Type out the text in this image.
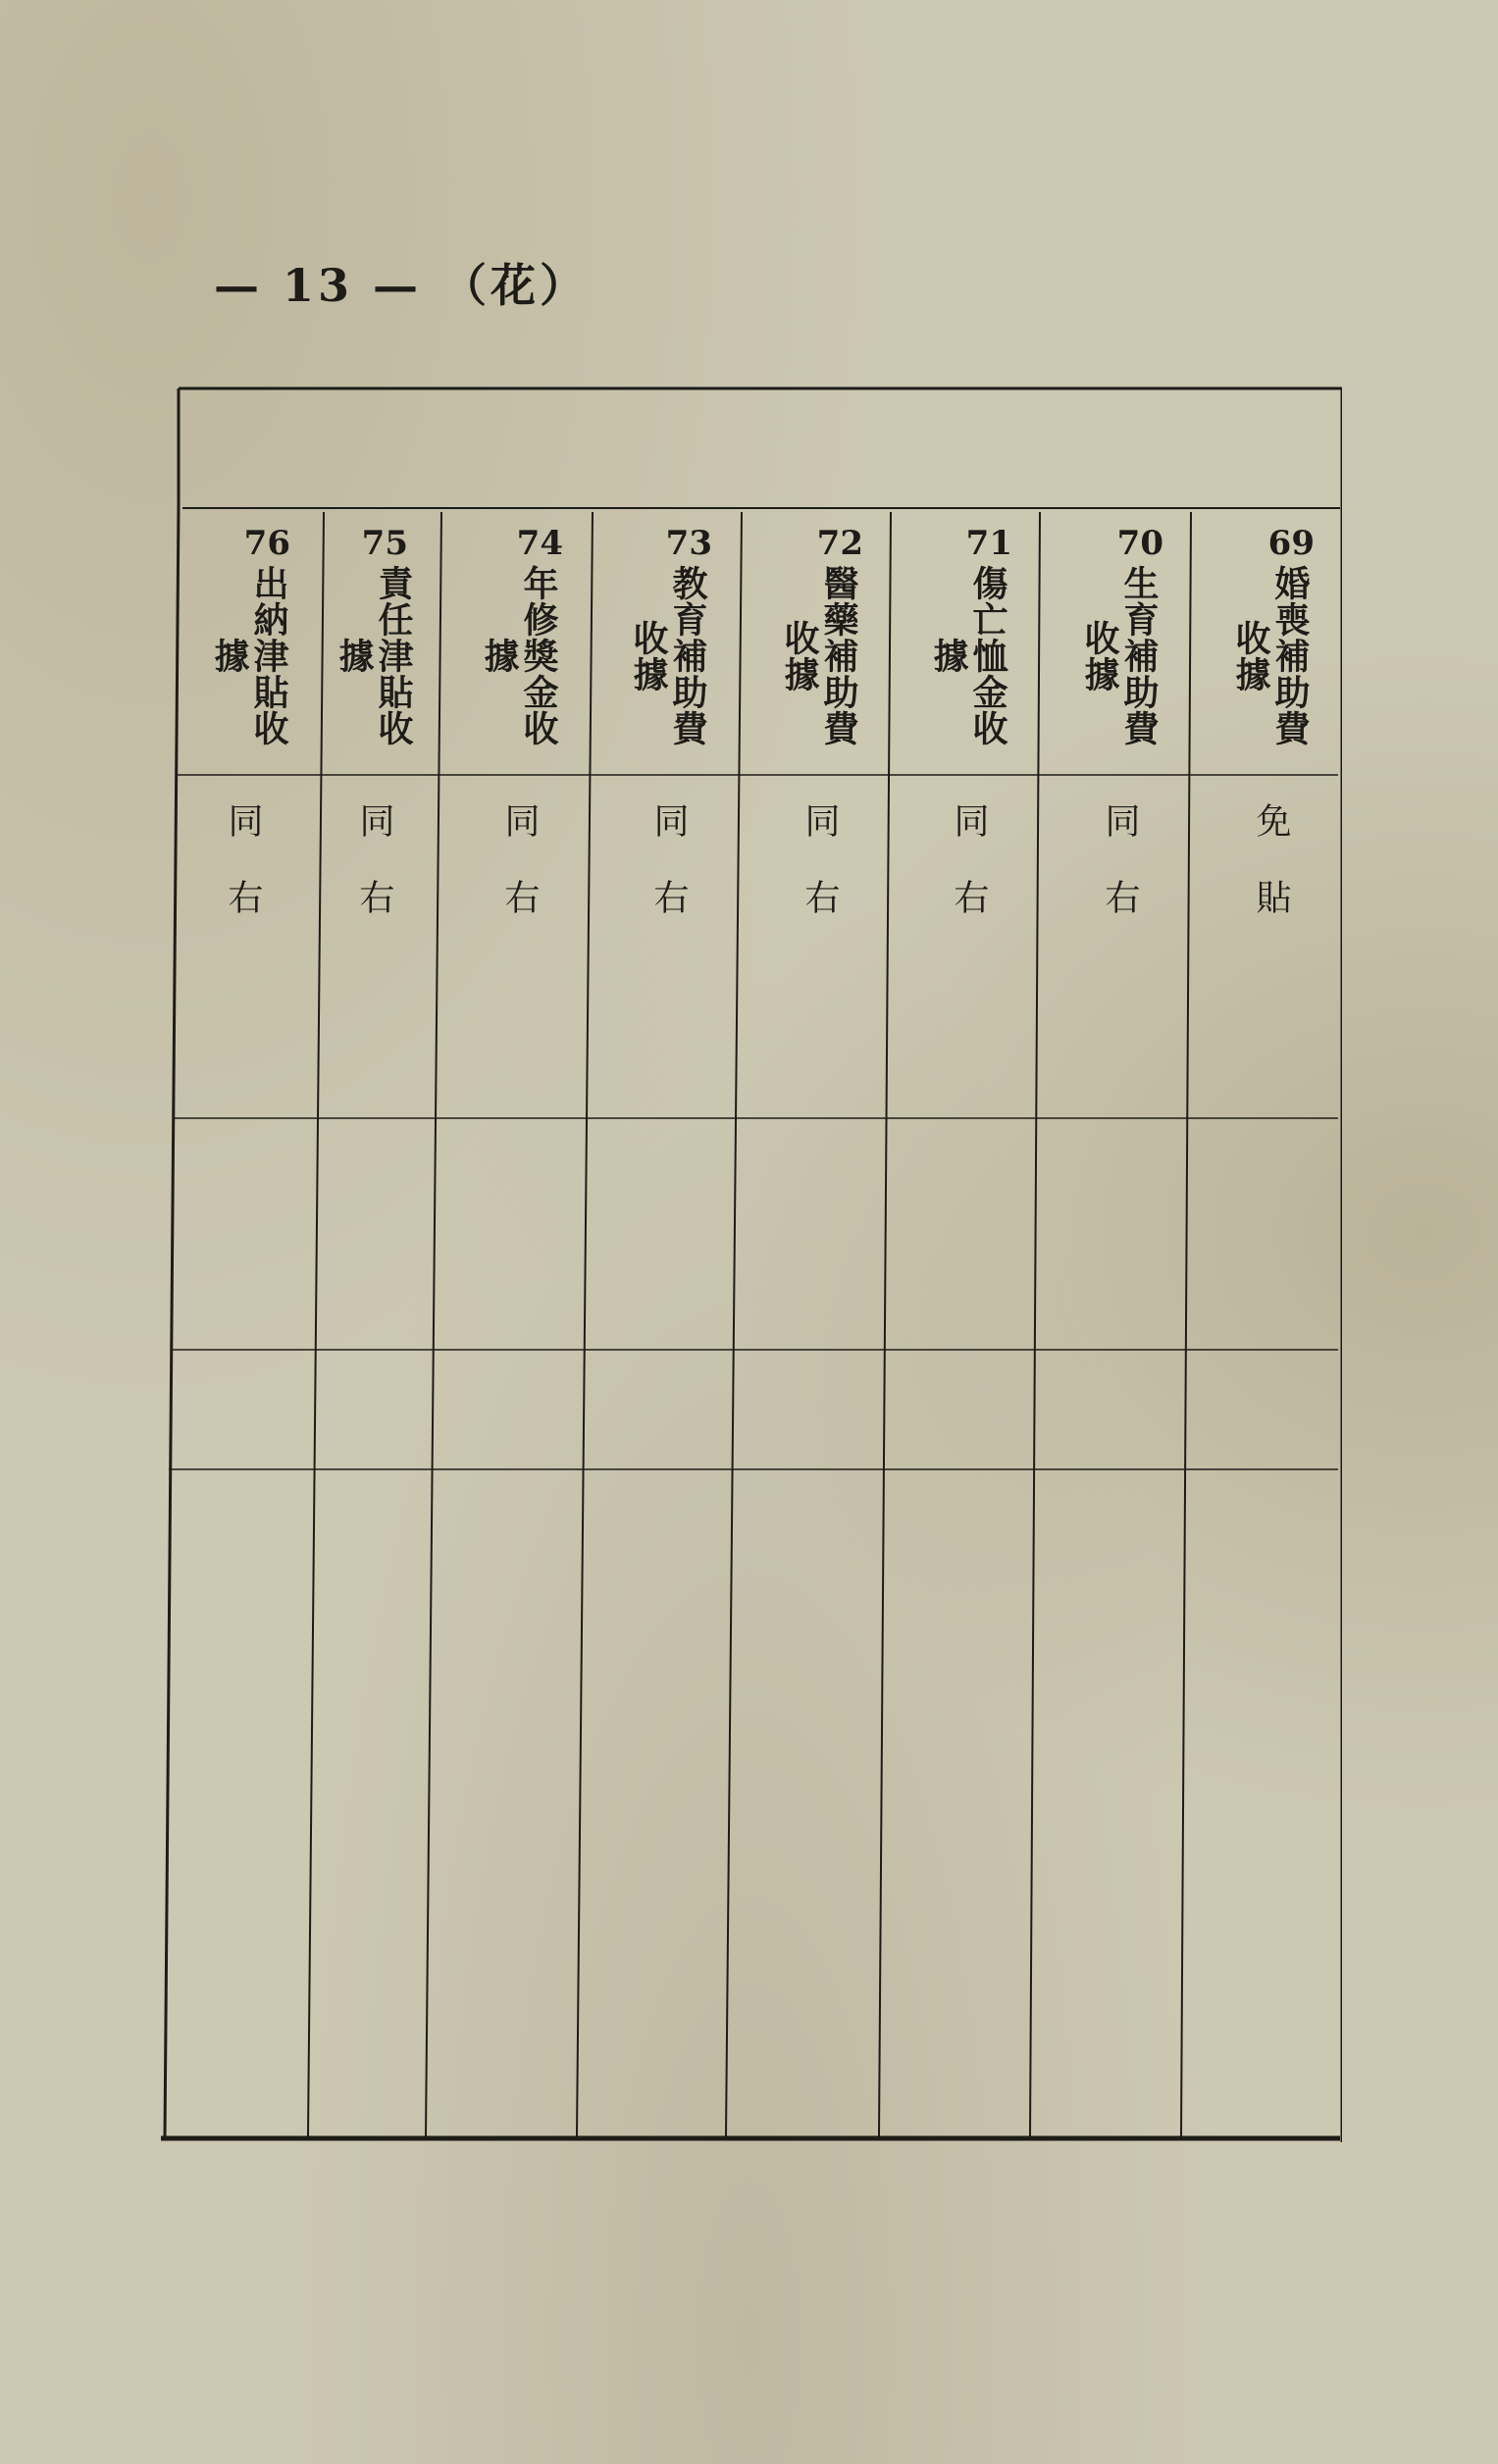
— 13 — （花）
69
婚喪補助費
收據
免貼
70
生育補助費
收據
同右
71
傷亡恤金收
據
同右
72
醫藥補助費
收據
同右
73
教育補助費
收據
同右
74
年修獎金收
據
同右
75
責任津貼收
據
同右
76
出納津貼收
據
同右
